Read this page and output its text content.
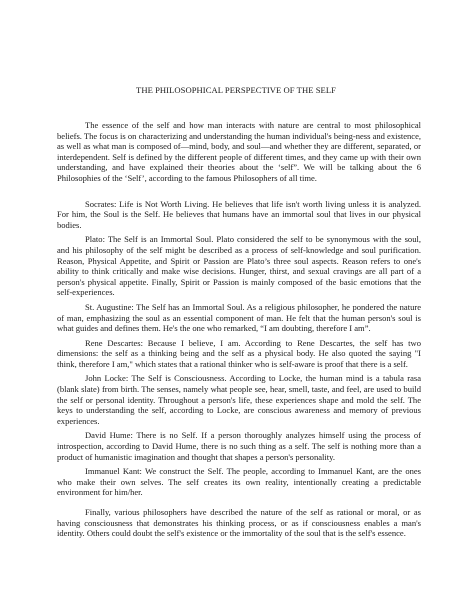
THE PHILOSOPHICAL PERSPECTIVE OF THE SELF

The essence of the self and how man interacts with nature are central to most philosophical beliefs. The focus is on characterizing and understanding the human individual's being-ness and existence, as well as what man is composed of—mind, body, and soul—and whether they are different, separated, or interdependent. Self is defined by the different people of different times, and they came up with their own understanding, and have explained their theories about the ‘self”. We will be talking about the 6 Philosophies of the ‘Self’, according to the famous Philosophers of all time.

Socrates: Life is Not Worth Living. He believes that life isn't worth living unless it is analyzed. For him, the Soul is the Self. He believes that humans have an immortal soul that lives in our physical bodies.

Plato: The Self is an Immortal Soul. Plato considered the self to be synonymous with the soul, and his philosophy of the self might be described as a process of self-knowledge and soul purification. Reason, Physical Appetite, and Spirit or Passion are Plato’s three soul aspects. Reason refers to one's ability to think critically and make wise decisions. Hunger, thirst, and sexual cravings are all part of a person's physical appetite. Finally, Spirit or Passion is mainly composed of the basic emotions that the self-experiences.

St. Augustine: The Self has an Immortal Soul. As a religious philosopher, he pondered the nature of man, emphasizing the soul as an essential component of man. He felt that the human person's soul is what guides and defines them. He's the one who remarked, “I am doubting, therefore I am”.

Rene Descartes: Because I believe, I am. According to Rene Descartes, the self has two dimensions: the self as a thinking being and the self as a physical body. He also quoted the saying "I think, therefore I am," which states that a rational thinker who is self-aware is proof that there is a self.

John Locke: The Self is Consciousness. According to Locke, the human mind is a tabula rasa (blank slate) from birth. The senses, namely what people see, hear, smell, taste, and feel, are used to build the self or personal identity. Throughout a person's life, these experiences shape and mold the self. The keys to understanding the self, according to Locke, are conscious awareness and memory of previous experiences.

David Hume: There is no Self. If a person thoroughly analyzes himself using the process of introspection, according to David Hume, there is no such thing as a self. The self is nothing more than a product of humanistic imagination and thought that shapes a person's personality.

Immanuel Kant: We construct the Self. The people, according to Immanuel Kant, are the ones who make their own selves. The self creates its own reality, intentionally creating a predictable environment for him/her.

Finally, various philosophers have described the nature of the self as rational or moral, or as having consciousness that demonstrates his thinking process, or as if consciousness enables a man's identity. Others could doubt the self's existence or the immortality of the soul that is the self's essence.
